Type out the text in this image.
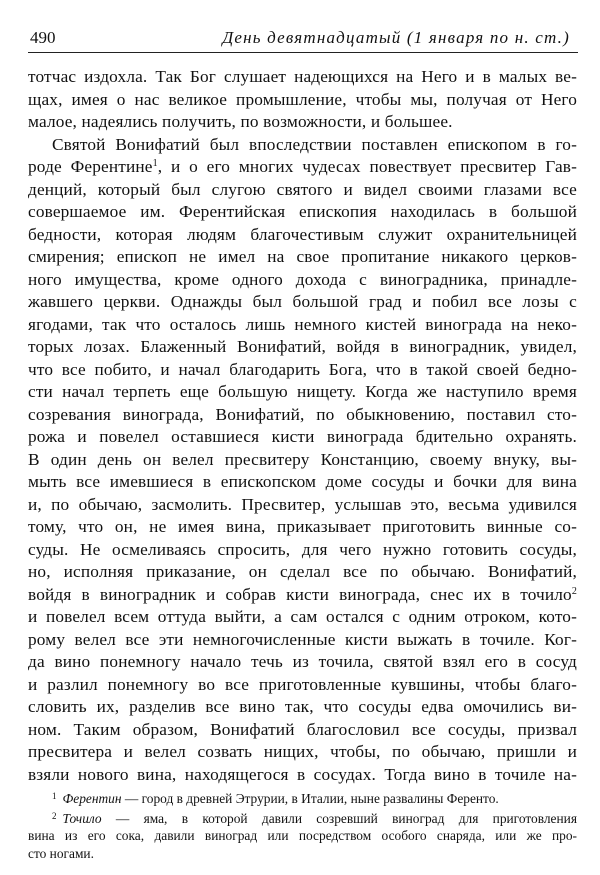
490	День девятнадцатый (1 января по н. ст.)
тотчас издохла. Так Бог слушает надеющихся на Него и в малых ве-
щах, имея о нас великое промышление, чтобы мы, получая от Него
малое, надеялись получить, по возможности, и большее.
Святой Вонифатий был впоследствии поставлен епископом в го-
роде Ферентине$^1$, и о его многих чудесах повествует пресвитер Гав-
денций, который был слугою святого и видел своими глазами все
совершаемое им. Ферентийская епископия находилась в большой
бедности, которая людям благочестивым служит охранительницей
смирения; епископ не имел на свое пропитание никакого церков-
ного имущества, кроме одного дохода с виноградника, принадле-
жавшего церкви. Однажды был большой град и побил все лозы с
ягодами, так что осталось лишь немного кистей винограда на неко-
торых лозах. Блаженный Вонифатий, войдя в виноградник, увидел,
что все побито, и начал благодарить Бога, что в такой своей бедно-
сти начал терпеть еще большую нищету. Когда же наступило время
созревания винограда, Вонифатий, по обыкновению, поставил сто-
рожа и повелел оставшиеся кисти винограда бдительно охранять.
В один день он велел пресвитеру Констанцию, своему внуку, вы-
мыть все имевшиеся в епископском доме сосуды и бочки для вина
и, по обычаю, засмолить. Пресвитер, услышав это, весьма удивился
тому, что он, не имея вина, приказывает приготовить винные со-
суды. Не осмеливаясь спросить, для чего нужно готовить сосуды,
но, исполняя приказание, он сделал все по обычаю. Вонифатий,
войдя в виноградник и собрав кисти винограда, снес их в точило$^2$
и повелел всем оттуда выйти, а сам остался с одним отроком, кото-
рому велел все эти немногочисленные кисти выжать в точиле. Ког-
да вино понемногу начало течь из точила, святой взял его в сосуд
и разлил понемногу во все приготовленные кувшины, чтобы благо-
словить их, разделив все вино так, что сосуды едва омочились ви-
ном. Таким образом, Вонифатий благословил все сосуды, призвал
пресвитера и велел созвать нищих, чтобы, по обычаю, пришли и
взяли нового вина, находящегося в сосудах. Тогда вино в точиле на-
$^1$ Ферентин — город в древней Этрурии, в Италии, ныне развалины Ференто.
$^2$ Точило — яма, в которой давили созревший виноград для приготовления
вина из его сока, давили виноград или посредством особого снаряда, или же про-
сто ногами.
